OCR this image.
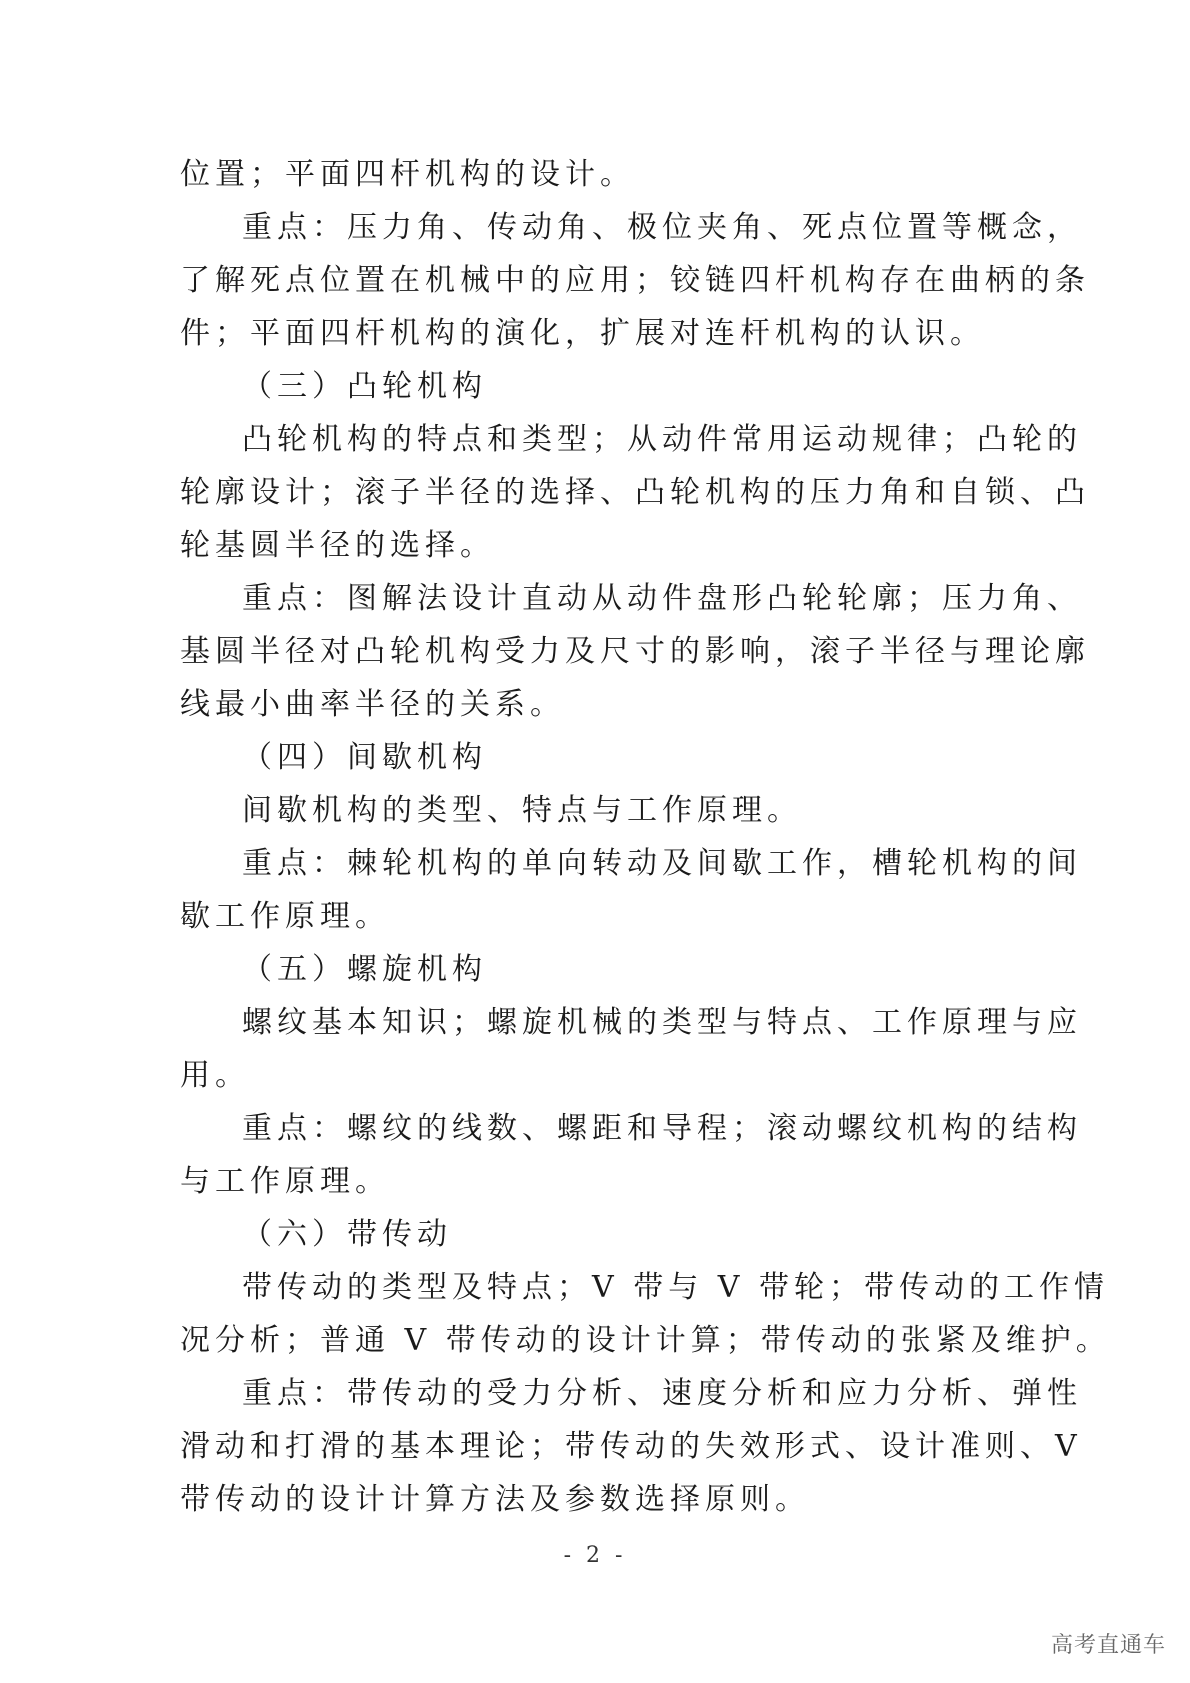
位置；平面四杆机构的设计。
重点：压力角、传动角、极位夹角、死点位置等概念，
了解死点位置在机械中的应用；铰链四杆机构存在曲柄的条
件；平面四杆机构的演化，扩展对连杆机构的认识。
（三）凸轮机构
凸轮机构的特点和类型；从动件常用运动规律；凸轮的
轮廓设计；滚子半径的选择、凸轮机构的压力角和自锁、凸
轮基圆半径的选择。
重点：图解法设计直动从动件盘形凸轮轮廓；压力角、
基圆半径对凸轮机构受力及尺寸的影响，滚子半径与理论廓
线最小曲率半径的关系。
（四）间歇机构
间歇机构的类型、特点与工作原理。
重点：棘轮机构的单向转动及间歇工作，槽轮机构的间
歇工作原理。
（五）螺旋机构
螺纹基本知识；螺旋机械的类型与特点、工作原理与应
用。
重点：螺纹的线数、螺距和导程；滚动螺纹机构的结构
与工作原理。
（六）带传动
带传动的类型及特点；V 带与 V 带轮；带传动的工作情
况分析；普通 V 带传动的设计计算；带传动的张紧及维护。
重点：带传动的受力分析、速度分析和应力分析、弹性
滑动和打滑的基本理论；带传动的失效形式、设计准则、V
带传动的设计计算方法及参数选择原则。
- 2 -
高考直通车
